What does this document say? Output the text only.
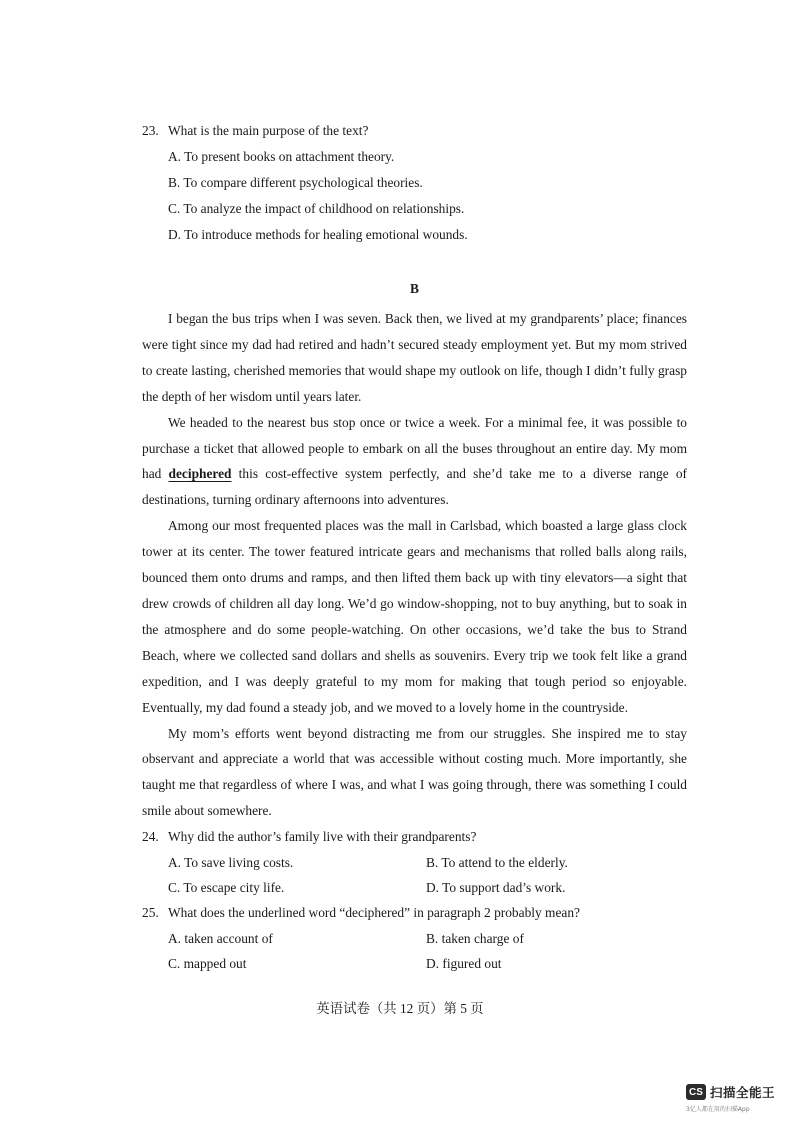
23. What is the main purpose of the text?

A. To present books on attachment theory.

B. To compare different psychological theories.

C. To analyze the impact of childhood on relationships.

D. To introduce methods for healing emotional wounds.

B

I began the bus trips when I was seven. Back then, we lived at my grandparents’ place; finances were tight since my dad had retired and hadn’t secured steady employment yet. But my mom strived to create lasting, cherished memories that would shape my outlook on life, though I didn’t fully grasp the depth of her wisdom until years later.

We headed to the nearest bus stop once or twice a week. For a minimal fee, it was possible to purchase a ticket that allowed people to embark on all the buses throughout an entire day. My mom had deciphered this cost-effective system perfectly, and she’d take me to a diverse range of destinations, turning ordinary afternoons into adventures.

Among our most frequented places was the mall in Carlsbad, which boasted a large glass clock tower at its center. The tower featured intricate gears and mechanisms that rolled balls along rails, bounced them onto drums and ramps, and then lifted them back up with tiny elevators—a sight that drew crowds of children all day long. We’d go window-shopping, not to buy anything, but to soak in the atmosphere and do some people-watching. On other occasions, we’d take the bus to Strand Beach, where we collected sand dollars and shells as souvenirs. Every trip we took felt like a grand expedition, and I was deeply grateful to my mom for making that tough period so enjoyable. Eventually, my dad found a steady job, and we moved to a lovely home in the countryside.

My mom’s efforts went beyond distracting me from our struggles. She inspired me to stay observant and appreciate a world that was accessible without costing much. More importantly, she taught me that regardless of where I was, and what I was going through, there was something I could smile about somewhere.

24. Why did the author’s family live with their grandparents?

A. To save living costs.	B. To attend to the elderly.
C. To escape city life.	D. To support dad’s work.

25. What does the underlined word “deciphered” in paragraph 2 probably mean?

A. taken account of	B. taken charge of
C. mapped out	D. figured out
英语试卷（共 12 页）第 5 页
CS 扫描全能王
3亿人都在用的扫描App
